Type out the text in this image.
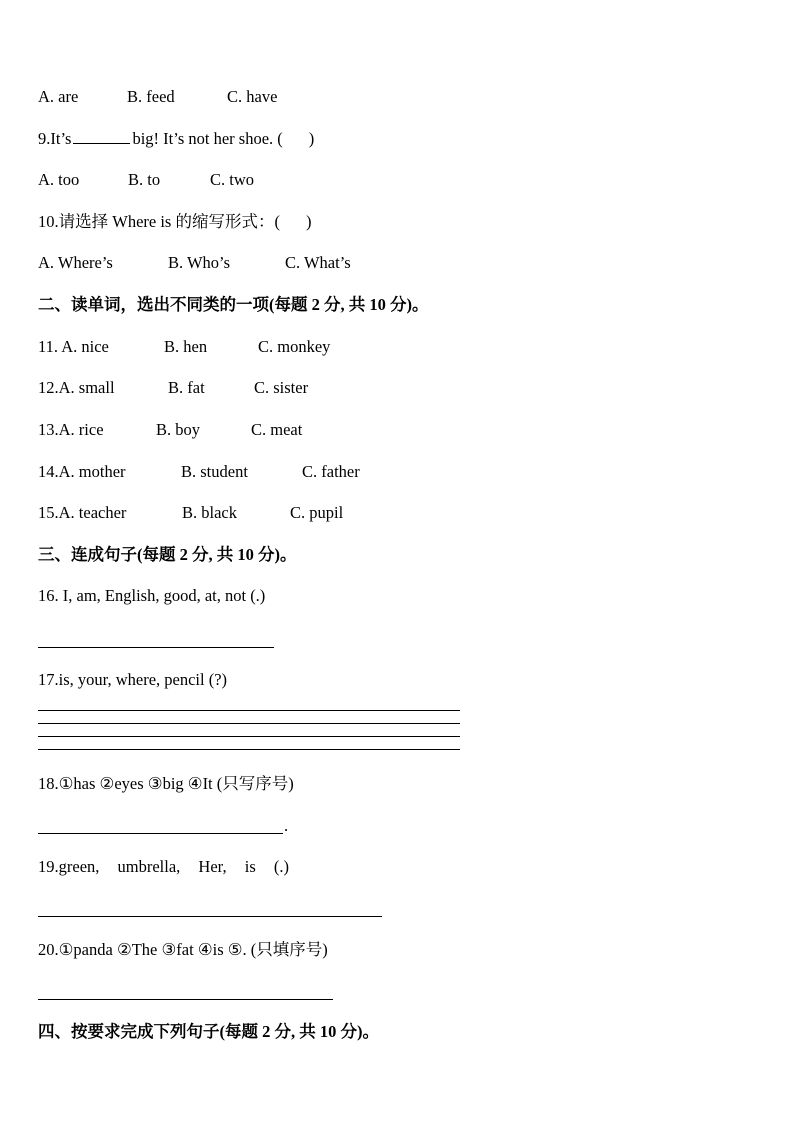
A. are	B. feed	C. have
9.It’s	big! It’s not her shoe. ( )
A. too	B. to	C. two
10.请选择 Where is 的缩写形式：( )
A. Where’s	B. Who’s	C. What’s
二、读单词，选出不同类的一项(每题 2 分, 共 10 分)。
11. A. nice	B. hen	C. monkey
12.A. small	B. fat	C. sister
13.A. rice	B. boy	C. meat
14.A. mother	B. student	C. father
15.A. teacher	B. black	C. pupil
三、连成句子(每题 2 分, 共 10 分)。
16. I, am, English, good, at, not (.)
17.is, your, where, pencil (?)
18.①has ②eyes ③big ④It (只写序号)
.
19.green, umbrella, Her, is (.)
20.①panda ②The ③fat ④is ⑤. (只填序号)
四、按要求完成下列句子(每题 2 分, 共 10 分)。
